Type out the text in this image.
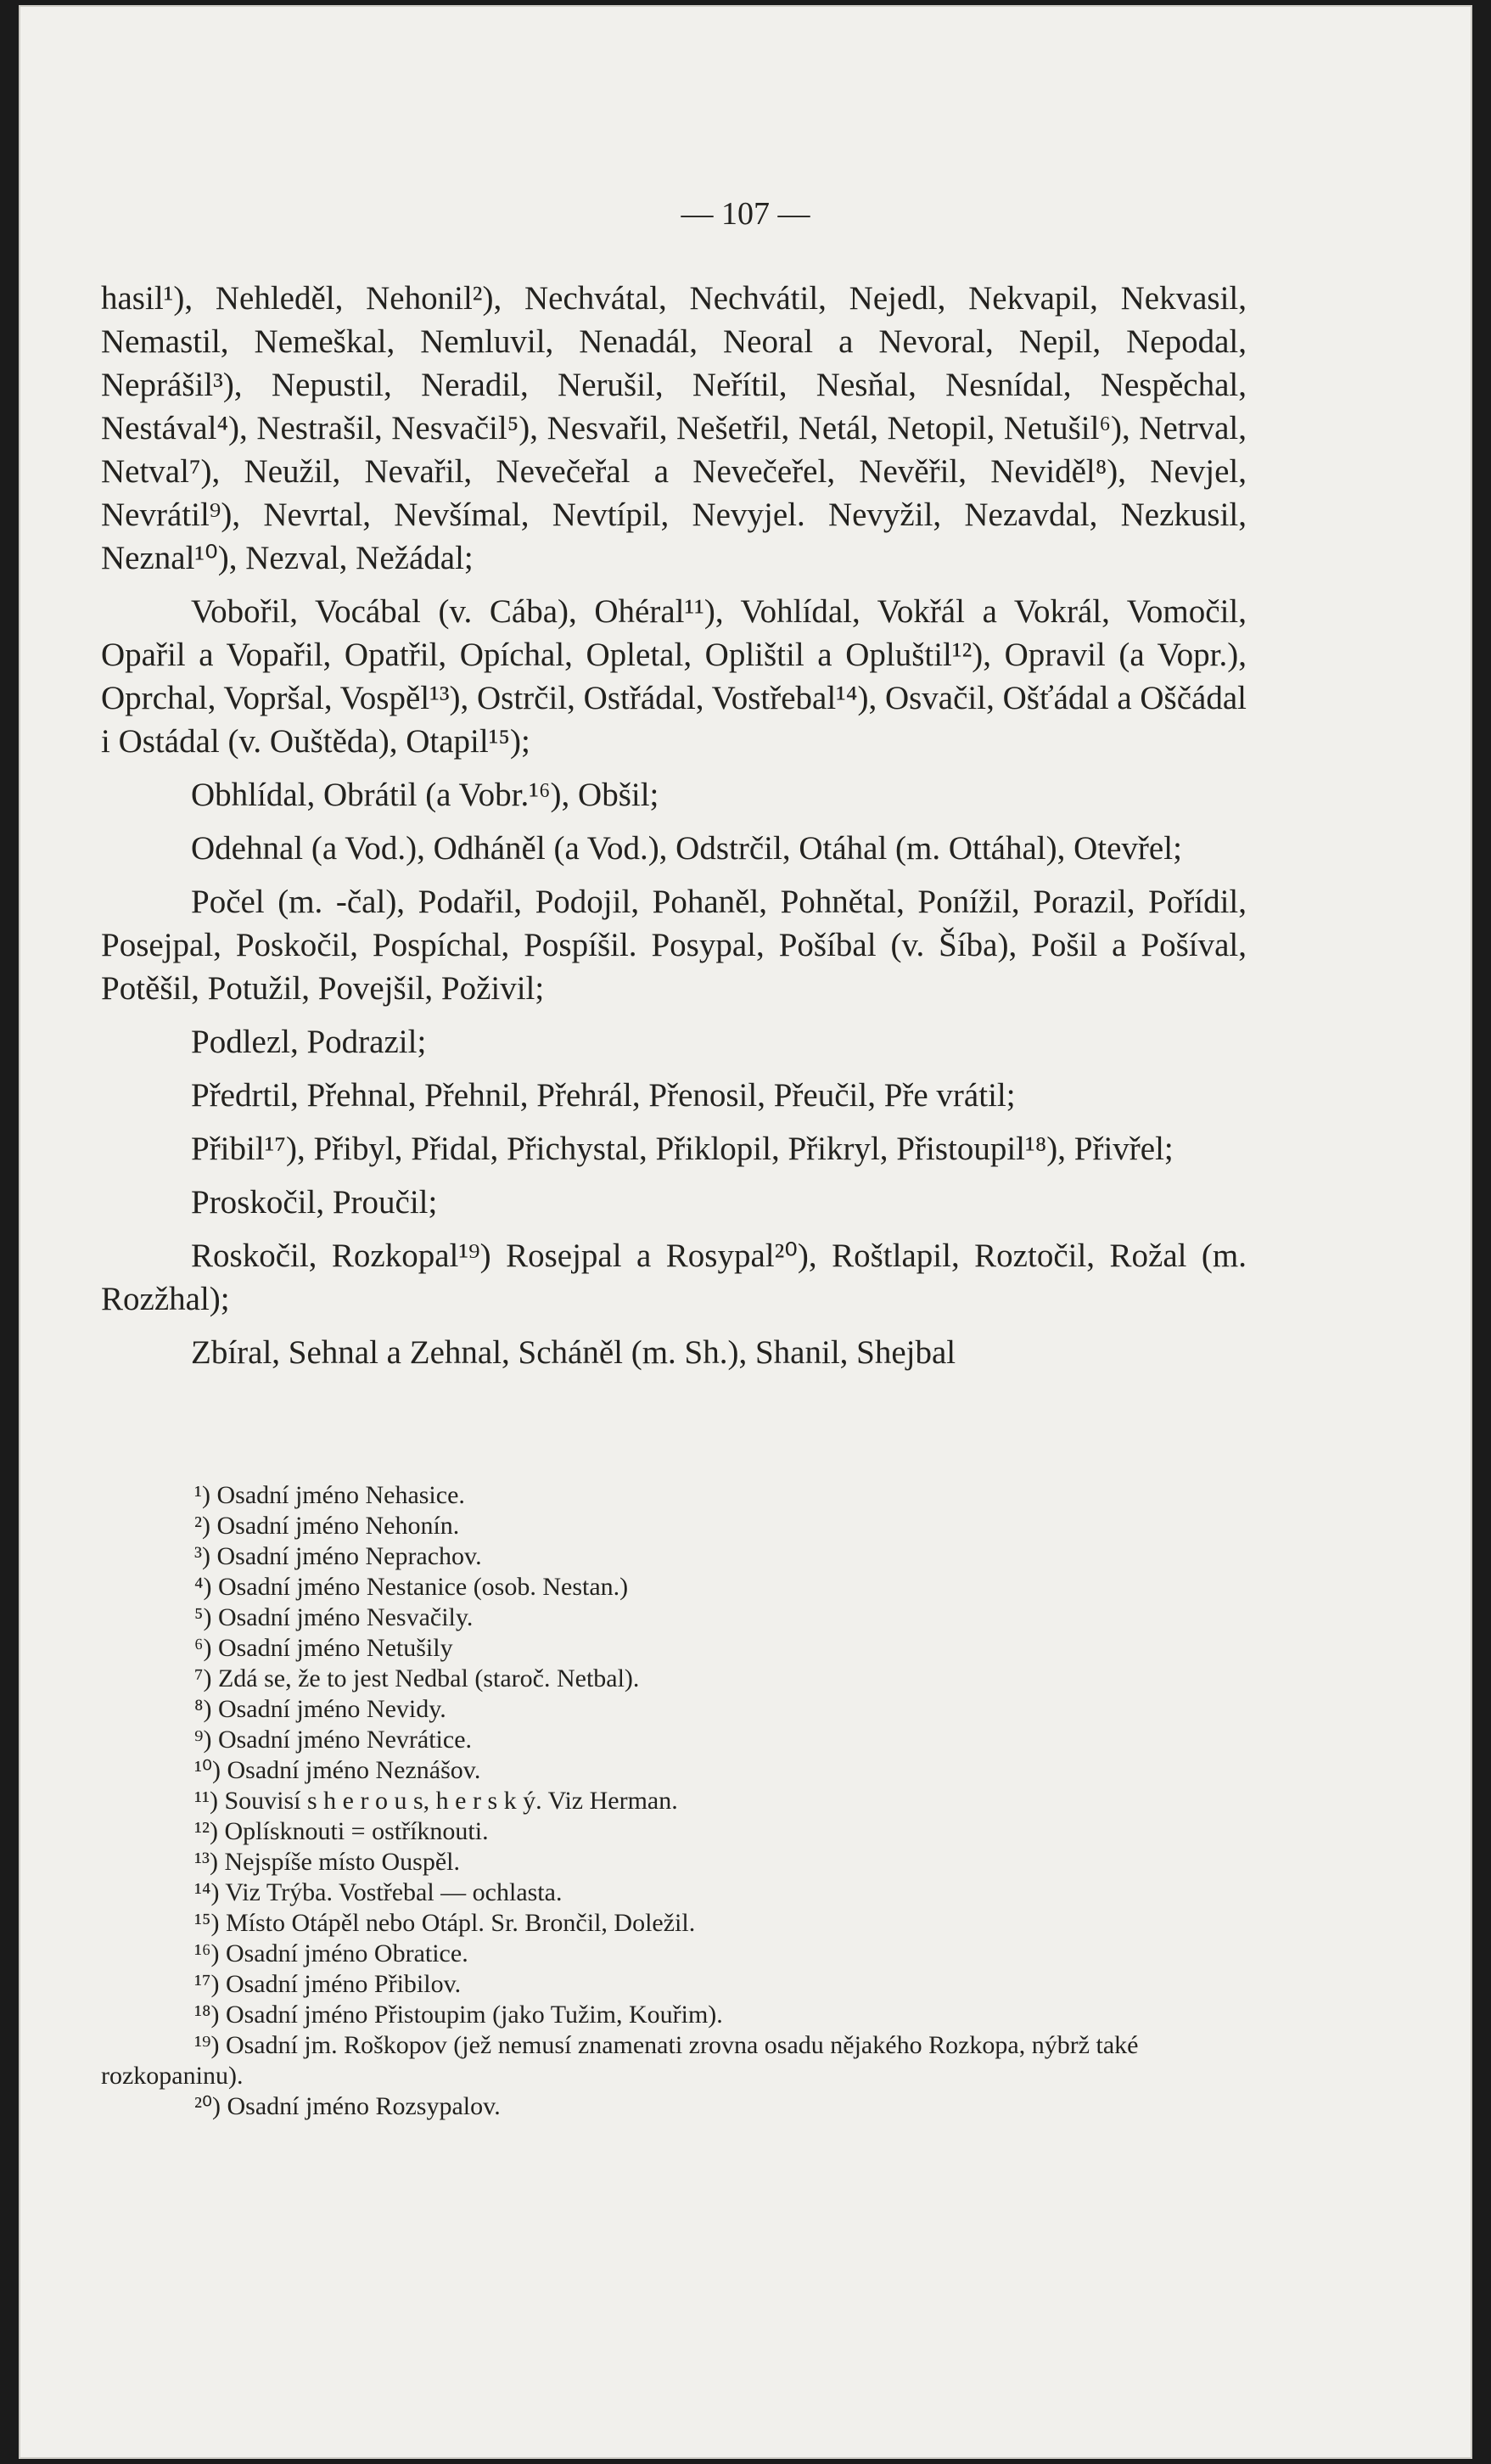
— 107 —

hasil¹), Nehleděl, Nehonil²), Nechvátal, Nechvátil, Nejedl, Nekvapil, Nekvasil, Nemastil, Nemeškal, Nemluvil, Nenadál, Neoral a Nevoral, Nepil, Nepodal, Neprášil³), Nepustil, Neradil, Nerušil, Neřítil, Nesňal, Nesnídal, Nespěchal, Nestával⁴), Nestrašil, Nesvačil⁵), Nesvařil, Nešetřil, Netál, Netopil, Netušil⁶), Netrval, Netval⁷), Neužil, Nevařil, Nevečeřal a Nevečeřel, Nevěřil, Neviděl⁸), Nevjel, Nevrátil⁹), Nevrtal, Nevšímal, Nevtípil, Nevyjel. Nevyžil, Nezavdal, Nezkusil, Neznal¹⁰), Nezval, Nežádal;

Vobořil, Vocábal (v. Cába), Ohéral¹¹), Vohlídal, Vokřál a Vokrál, Vomočil, Opařil a Vopařil, Opatřil, Opíchal, Opletal, Oplištil a Opluštil¹²), Opravil (a Vopr.), Oprchal, Vopršal, Vospěl¹³), Ostrčil, Ostřádal, Vostřebal¹⁴), Osvačil, Ošťádal a Oščádal i Ostádal (v. Ouštěda), Otapil¹⁵);

Obhlídal, Obrátil (a Vobr.¹⁶), Obšil;

Odehnal (a Vod.), Odháněl (a Vod.), Odstrčil, Otáhal (m. Ottáhal), Otevřel;

Počel (m. -čal), Podařil, Podojil, Pohaněl, Pohnětal, Ponížil, Porazil, Pořídil, Posejpal, Poskočil, Pospíchal, Pospíšil. Posypal, Pošíbal (v. Šíba), Pošil a Pošíval, Potěšil, Potužil, Povejšil, Poživil;

Podlezl, Podrazil;

Předrtil, Přehnal, Přehnil, Přehrál, Přenosil, Přeučil, Pře vrátil;

Přibil¹⁷), Přibyl, Přidal, Přichystal, Přiklopil, Přikryl, Přistoupil¹⁸), Přivřel;

Proskočil, Proučil;

Roskočil, Rozkopal¹⁹) Rosejpal a Rosypal²⁰), Roštlapil, Roztočil, Rožal (m. Rozžhal);

Zbíral, Sehnal a Zehnal, Scháněl (m. Sh.), Shanil, Shejbal

¹) Osadní jméno Nehasice.
²) Osadní jméno Nehonín.
³) Osadní jméno Neprachov.
⁴) Osadní jméno Nestanice (osob. Nestan.)
⁵) Osadní jméno Nesvačily.
⁶) Osadní jméno Netušily
⁷) Zdá se, že to jest Nedbal (staroč. Netbal).
⁸) Osadní jméno Nevidy.
⁹) Osadní jméno Nevrátice.
¹⁰) Osadní jméno Neznášov.
¹¹) Souvisí s h e r o u s, h e r s k ý. Viz Herman.
¹²) Oplísknouti = ostříknouti.
¹³) Nejspíše místo Ouspěl.
¹⁴) Viz Trýba. Vostřebal — ochlasta.
¹⁵) Místo Otápěl nebo Otápl. Sr. Brončil, Doležil.
¹⁶) Osadní jméno Obratice.
¹⁷) Osadní jméno Přibilov.
¹⁸) Osadní jméno Přistoupim (jako Tužim, Kouřim).
¹⁹) Osadní jm. Roškopov (jež nemusí znamenati zrovna osadu nějakého Rozkopa, nýbrž také rozkopaninu).
²⁰) Osadní jméno Rozsypalov.
